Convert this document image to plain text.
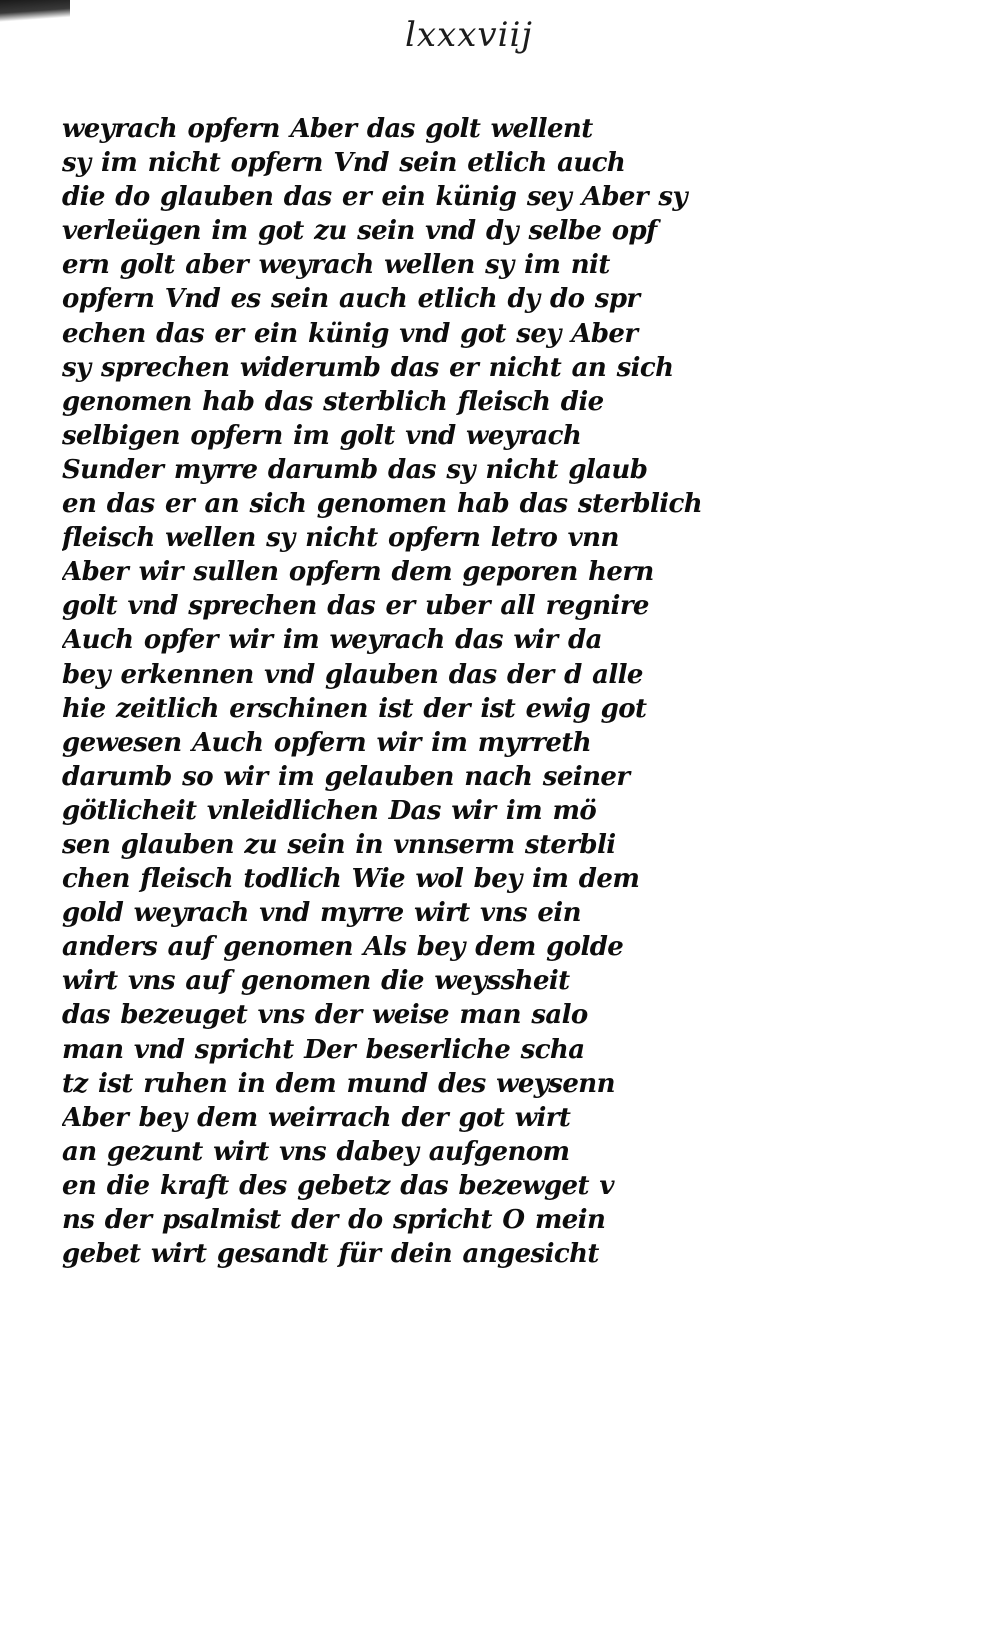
lxxxviij
weyrach opfern Aber das golt wellent
sy im nicht opfern Vnd sein etlich auch
die do glauben das er ein künig sey Aber sy
verleügen im got zu sein vnd dy selbe opf
ern golt aber weyrach wellen sy im nit
opfern Vnd es sein auch etlich dy do spr
echen das er ein künig vnd got sey Aber
sy sprechen widerumb das er nicht an sich
genomen hab das sterblich fleisch die
selbigen opfern im golt vnd weyrach
Sunder myrre darumb das sy nicht glaub
en das er an sich genomen hab das sterblich
fleisch wellen sy nicht opfern letro vnn
Aber wir sullen opfern dem geporen hern
golt vnd sprechen das er uber all regnire
Auch opfer wir im weyrach das wir da
bey erkennen vnd glauben das der d alle
hie zeitlich erschinen ist der ist ewig got
gewesen Auch opfern wir im myrreth
darumb so wir im gelauben nach seiner
götlicheit vnleidlichen Das wir im mö
sen glauben zu sein in vnnserm sterbli
chen fleisch todlich Wie wol bey im dem
gold weyrach vnd myrre wirt vns ein
anders auf genomen Als bey dem golde
wirt vns auf genomen die weyssheit
das bezeuget vns der weise man salo
man vnd spricht Der beserliche scha
tz ist ruhen in dem mund des weysenn
Aber bey dem weirrach der got wirt
an gezunt wirt vns dabey aufgenom
en die kraft des gebetz das bezewget v
ns der psalmist der do spricht O mein
gebet wirt gesandt für dein angesicht
